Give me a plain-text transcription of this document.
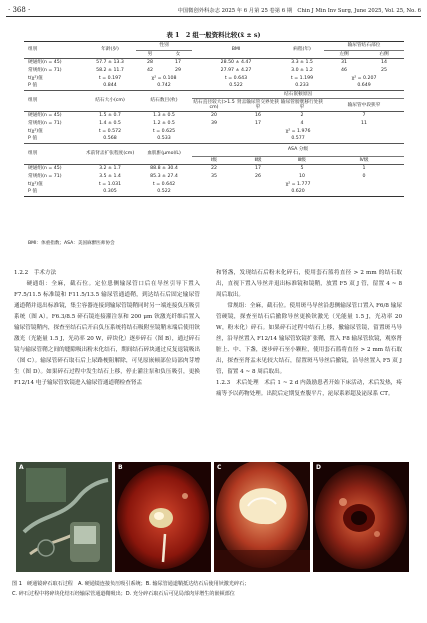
· 368 ·	中国微创外科杂志 2025 年 6 月第 25 卷第 6 期　Chin J Min Inv Surg, June 2025, Vol. 25, No. 6
表 1　2 组一般资料比较(x̄ ± s)
组别	年龄(岁)	性别		BMI		病程(年)	输尿管结石部位	
		男	女				左侧	右侧
硬通组(n = 45)	57.7 ± 13.3	28	17	28.50 ± 4.47		3.3 ± 1.5	31	14
常规组(n = 71)	58.2 ± 11.7	42	29	27.97 ± 4.27		3.0 ± 1.2	46	25
t(χ²)值	t = 0.197	χ² = 0.108		t = 0.643		t = 1.199	χ² = 0.207	
P 值	0.844	0.742		0.522		0.233	0.649	
组别	结石大小(cm)	结石数目(枚)		结石嵌顿原因				
				结石直径较大(>1.5 cm)	肾盂输尿管交界处狭窄	输尿管膀胱移行处狭窄	输尿管中段狭窄	
硬通组(n = 45)	1.5 ± 0.7	1.3 ± 0.5		20	16	2	7	
常规组(n = 71)	1.4 ± 0.5	1.2 ± 0.5		39	17	4	11	
t(χ²)值	t = 0.572	t = 0.625		χ² = 1.976				
P 值	0.568	0.533		0.577				
组别	术前肾盂扩张程度(cm)	血肌酐(μmol/L)		ASA 分级				
				Ⅰ级	Ⅱ级	Ⅲ级	Ⅳ级	
硬通组(n = 45)	3.2 ± 1.7	88.8 ± 30.4		22	17	5	1	
常规组(n = 71)	3.5 ± 1.4	85.3 ± 27.4		35	26	10	0	
t(χ²)值	t = 1.031	t = 0.642		χ² = 1.777				
P 值	0.305	0.522		0.620				
BMI：体重指数；ASA：美国麻醉医师协会

1.2.2　手术方法

　　硬通组：全麻，截石位。定位患侧输尿管口后在导丝引导下置入 F7.5/11.5 标准镜和 F11.5/13.5 输尿管通道鞘，到达结石后固定输尿管通道鞘并退出标准镜，集尘容器连接到输尿管镜鞘同时另一端连接负压吸引系统（图 A）。F6.3/8.5 碎石镜连接灌注泵和 200 μm 钬激光纤维后置入输尿管镜鞘内，探查至结石后开启负压系统将结石吸附至镜鞘末端后使用钬激光（光能量 1.5 J，光功率 20 W，碎块化）逐步碎石（图 B），通过碎石镜与输尿管鞘之间的缝隙吸出粉末化结石，期间结石碎块通过反复退镜吸出（图 C）。输尿管碎石取石后上尿路梗阻解除，可见原嵌顿部位局部肉芽增生（图 D）。如果碎石过程中发生结石上移，停止灌注泵和负压吸引，更换 F12/14 电子输尿管软镜进入输尿管通道鞘检查肾盂

和肾盏，发现结石后粉末化碎石，使用套石篮将直径 > 2 mm 的结石取出，直视下置入导丝并退出标准镜和镜鞘，放置 F5 双 J 管，留置 4 ~ 8 周后取出。

　　常规组：全麻，截石位。使用斑马导丝沿患侧输尿管口置入 F6/8 输尿管硬镜，探查至结石后撤除导丝更换钬激光（光能量 1.5 J，光功率 20 W，粉末化）碎石。如果碎石过程中结石上移，撤输尿管镜，留置斑马导丝，沿导丝置入 F12/14 输尿管软镜扩张鞘，置入 F8 输尿管软镜，观察肾脏上、中、下盏，逐步碎石至小颗粒，使用套石篮将直径 > 2 mm 结石取出，探查至肾盂未见较大结石，留置斑马导丝后撤镜，沿导丝置入 F5 双 J 管，留置 4 ~ 8 周后取出。

1.2.3　术后处理　术后 1 ~ 2 d 内鼓励患者开始下床活动，术后发热，疼痛等予以药物处理。出院后定期复查腹平片，泌尿系彩超及泌尿系 CT。

A	B	C	D

图 1　硬通镜碎石取石过程　A. 硬通镜连接负压吸引系统；B. 输尿管通道鞘抵达结石后使用钬激光碎石；

C. 碎石过程中将碎块化结石经输尿管通道鞘吸出；D. 充分碎石取石后可见局部肉芽增生的嵌顿部位
